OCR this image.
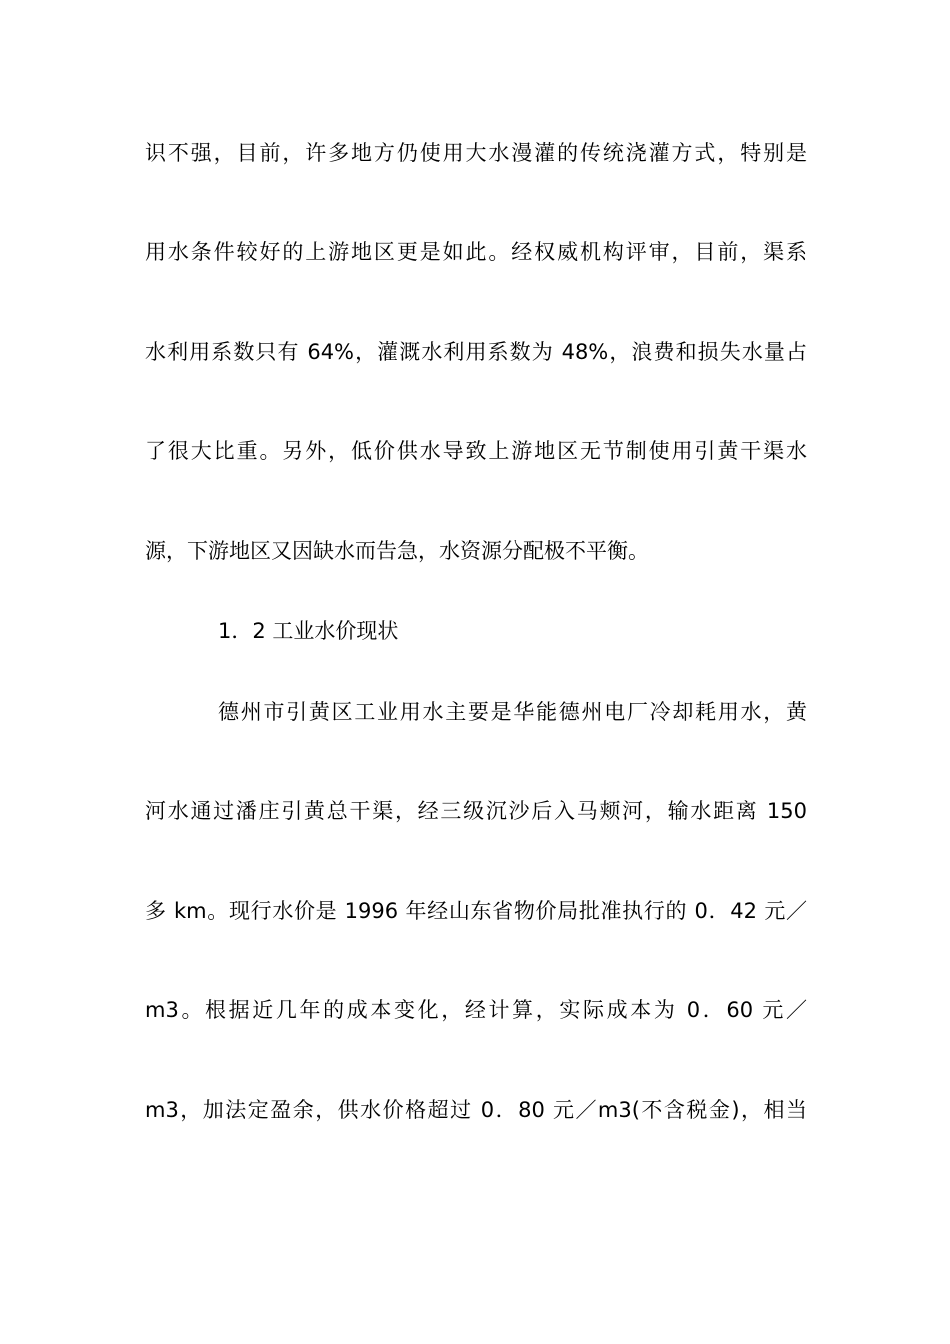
识不强，目前，许多地方仍使用大水漫灌的传统浇灌方式，特别是
用水条件较好的上游地区更是如此。经权威机构评审，目前，渠系
水利用系数只有 64%，灌溉水利用系数为 48%，浪费和损失水量占
了很大比重。另外，低价供水导致上游地区无节制使用引黄干渠水
源，下游地区又因缺水而告急，水资源分配极不平衡。
1．2 工业水价现状
德州市引黄区工业用水主要是华能德州电厂冷却耗用水，黄
河水通过潘庄引黄总干渠，经三级沉沙后入马颊河，输水距离 150
多 km。现行水价是 1996 年经山东省物价局批准执行的 0．42 元／
m3。根据近几年的成本变化，经计算，实际成本为 0．60 元／
m3，加法定盈余，供水价格超过 0．80 元／m3(不含税金)，相当
